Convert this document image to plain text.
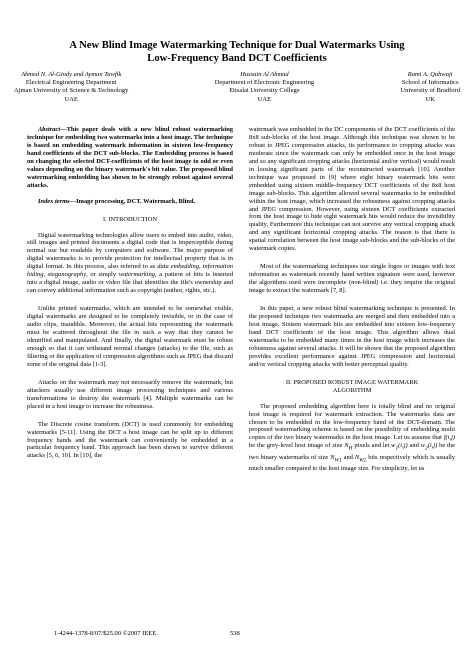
A New Blind Image Watermarking Technique for Dual Watermarks Using
Low-Frequency Band DCT Coefficients
Ahmed N. Al-Gindy and Ayman Tawfik
Electrical Engineering Department
Ajman University of Science & Technology
UAE
Hussain Al Ahmad
Department of Electronic Engineering
Etisalat University College
UAE
Rami A. Qahwaji
School of Informatics
University of Bradford
UK

Abstract—This paper deals with a new blind robust watermarking technique for embedding two watermarks into a host image. The technique is based on embedding watermark information in sixteen low-frequency band coefficients of the DCT sub-blocks. The Embedding process is based on changing the selected DCT-coefficients of the host image to odd or even values depending on the binary watermark's bit value. The proposed blind watermarking embedding has shown to be strongly robust against several attacks.

Index terms—Image processing, DCT, Watermark, Blind.

I. INTRODUCTION

Digital watermarking technologies allow users to embed into audio, video, still images and printed documents a digital code that is imperceptible during normal use but readable by computers and software. The major purpose of digital watermarks is to provide protection for intellectual property that is in digital format. In this process, also referred to as data embedding, information hiding, steganography, or simply watermarking, a pattern of bits is inserted into a digital image, audio or video file that identifies the file's ownership and can convey additional information such as copyright (author, rights, etc.).

Unlike printed watermarks, which are intended to be somewhat visible, digital watermarks are designed to be completely invisible, or in the case of audio clips, inaudible. Moreover, the actual bits representing the watermark must be scattered throughout the file in such a way that they cannot be identified and manipulated. And finally, the digital watermark must be robust enough so that it can withstand normal changes (attacks) to the file, such as filtering or the application of compression algorithms such as JPEG that discard some of the original data [1-3].

Attacks on the watermark may not necessarily remove the watermark, but attackers usually use different image processing techniques and various transformations to destroy the watermark [4]. Multiple watermarks can be placed in a host image to increase the robustness.

The Discrete cosine transform (DCT) is used commonly for embedding watermarks [5-11]. Using the DCT a host image can be split up to different frequency bands and the watermark can conveniently be embedded in a particular frequency band. This approach has been shown to survive different attacks [5, 6, 10]. In [10], the

watermark was embedded in the DC components of the DCT coefficients of the 8x8 sub-blocks of the host image. Although this technique was shown to be robust to JPEG compression attacks, its performance to cropping attacks was moderate since the watermark can only be embedded once in the host image and so any significant cropping attacks (horizontal and/or vertical) would result in loosing significant parts of the reconstructed watermark [10]. Another technique was proposed in [9] where eight binary watermark bits were embedded using sixteen middle-frequency DCT coefficients of the 8x8 host image sub-blocks. This algorithm allowed several watermarks to be embedded within the host image, which increased the robustness against cropping attacks and JPEG compression. However, using sixteen DCT coefficients extracted from the host image to hide eight watermark bits would reduce the invisibility quality, Furthermore this technique can not survive any vertical cropping attack and any significant horizontal cropping attacks. The reason is that there is spatial correlation between the host image sub-blocks and the sub-blocks of the watermark copies.

Most of the watermarking techniques use single logos or images with text information as watermark recently hand written signature were used, however the algorithms used were incomplete (non-blind) i.e. they require the original image to extract the watermark [7, 8].

In this paper, a new robust blind watermarking technique is presented. In the proposed technique two watermarks are merged and then embedded into a host image. Sixteen watermark bits are embedded into sixteen low-frequency band DCT coefficients of the host image. This algorithm allows dual watermarks to be embedded many times in the host image which increases the robustness against several attacks. It will be shown that the proposed algorithm provides excellent performance against JPEG compression and horizontal and/or vertical cropping attacks with better perceptual quality.

II. PROPOSED ROBUST IMAGE WATERMARK
ALGORITHM

The proposed embedding algorithm here is totally blind and no original host image is required for watermark extraction. The watermarks data are chosen to be embedded in the low-frequency band of the DCT-domain. The proposed watermarking scheme is based on the possibility of embedding multi copies of the two binary watermarks in the host image. Let us assume that f(i,j) be the grey-level host image of size $N_H$ pixels and let $w_1(i,j)$ and $w_2(i,j)$ be the two binary watermarks of size $N_{W1}$ and $N_{W2}$ bits respectively which is usually much smaller compared to the host image size. For simplicity, let us

1-4244-1378-8/07/$25.00 ©2007 IEEE.	538
